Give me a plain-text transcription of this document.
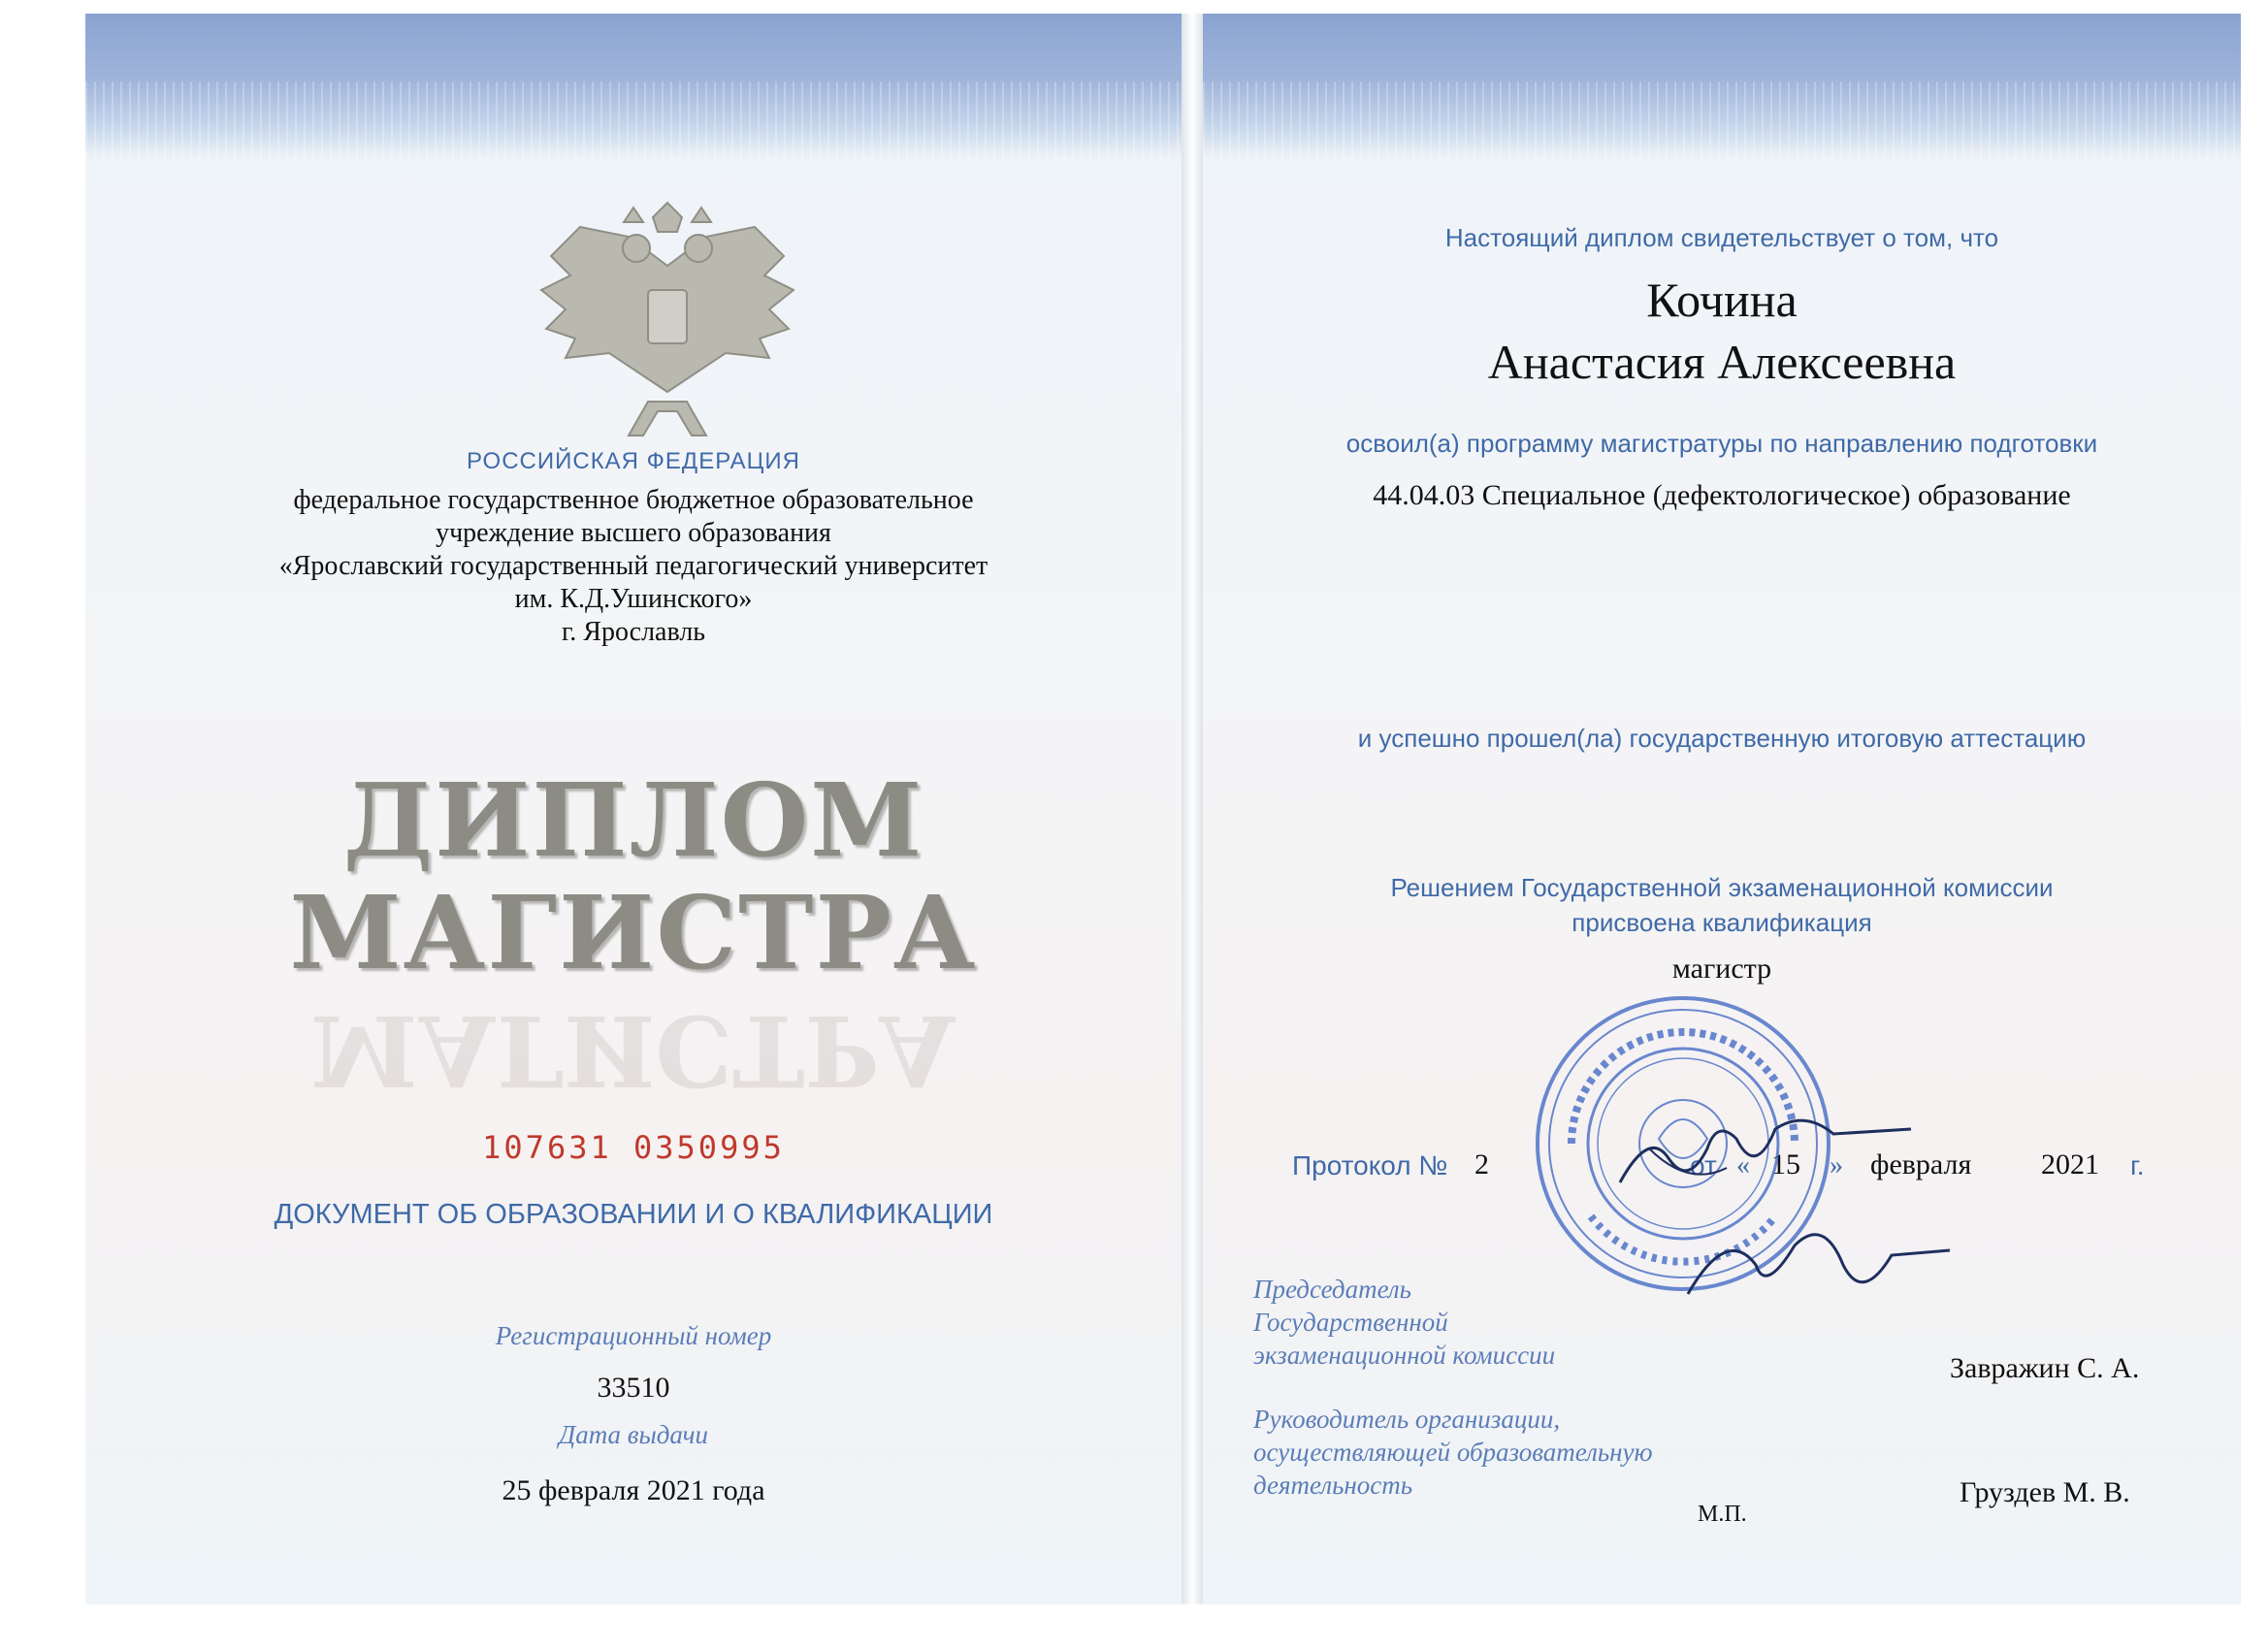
РОССИЙСКАЯ ФЕДЕРАЦИЯ
федеральное государственное бюджетное образовательное
учреждение высшего образования
«Ярославский государственный педагогический университет
им. К.Д.Ушинского»
г. Ярославль
ДИПЛОМ
МАГИСТРА
МАГИСТРА
107631 0350995
ДОКУМЕНТ ОБ ОБРАЗОВАНИИ И О КВАЛИФИКАЦИИ
Регистрационный номер
33510
Дата выдачи
25 февраля 2021 года
Настоящий диплом свидетельствует о том, что
Кочина
Анастасия Алексеевна
освоил(а) программу магистратуры по направлению подготовки
44.04.03 Специальное (дефектологическое) образование
и успешно прошел(ла) государственную итоговую аттестацию
Решением Государственной экзаменационной комиссии
присвоена квалификация
магистр
Протокол № 2	от « 15 » февраля 2021 г.
Председатель
Государственной
экзаменационной комиссии	Завражин С. А.
Руководитель организации,
осуществляющей образовательную
деятельность	Груздев М. В.
М.П.
